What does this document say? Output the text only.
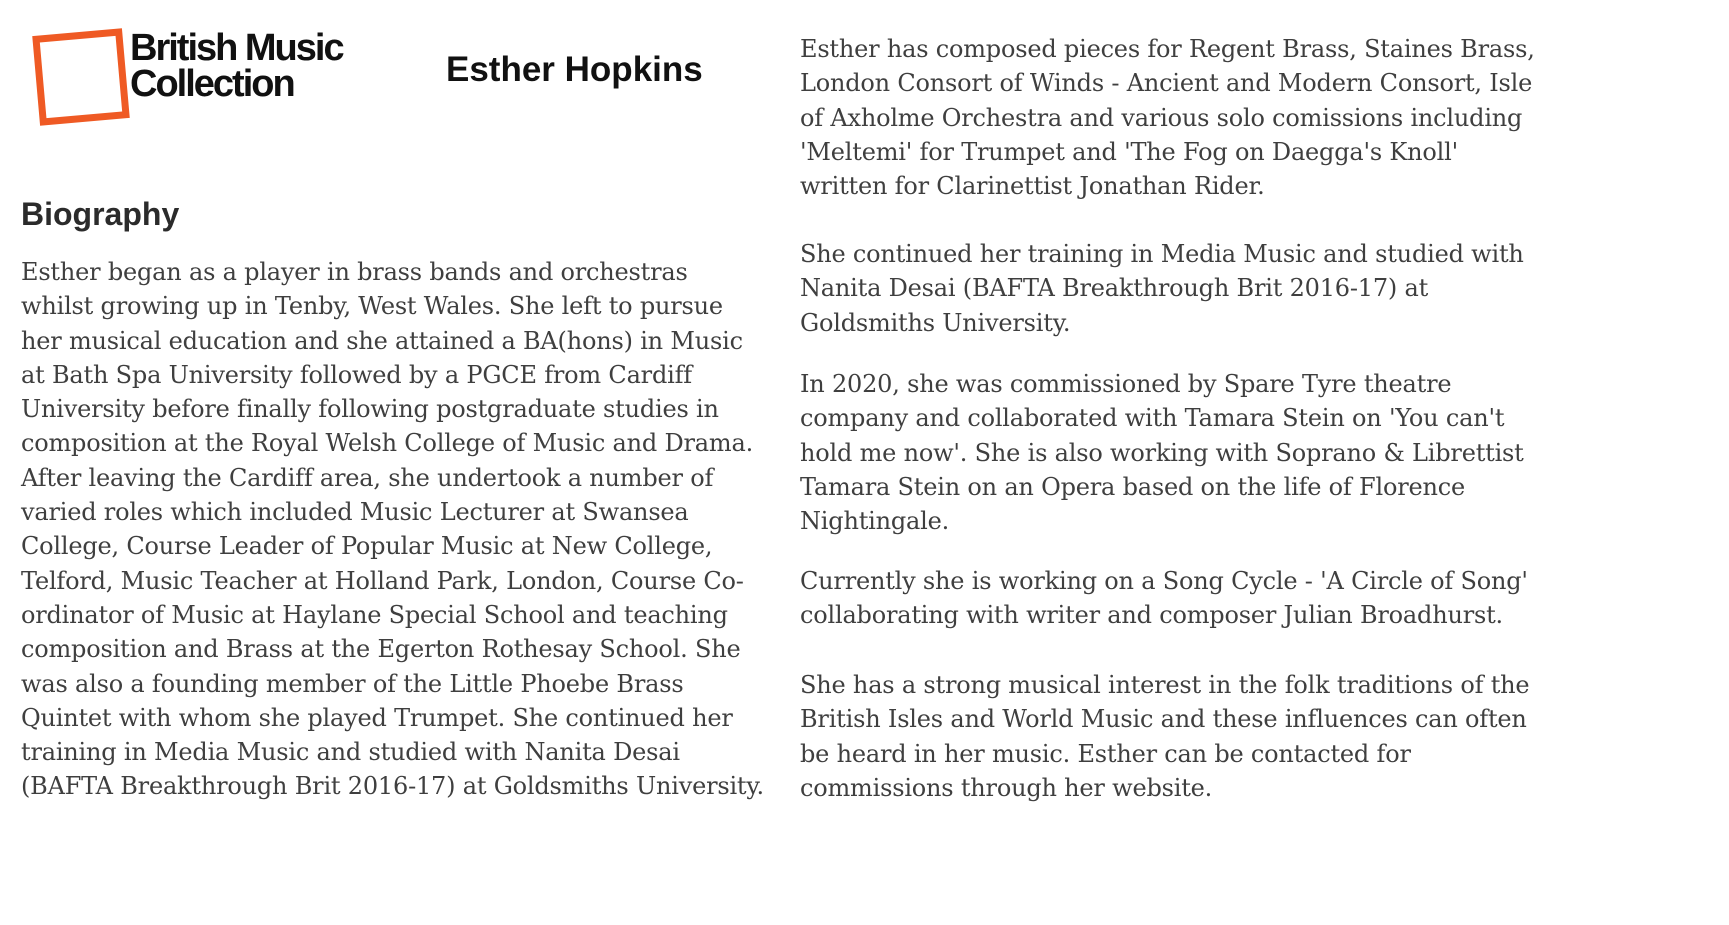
British Music
Collection	Esther Hopkins
Biography

Esther began as a player in brass bands and orchestras
whilst growing up in Tenby, West Wales. She left to pursue
her musical education and she attained a BA(hons) in Music
at Bath Spa University followed by a PGCE from Cardiff
University before finally following postgraduate studies in
composition at the Royal Welsh College of Music and Drama.
After leaving the Cardiff area, she undertook a number of
varied roles which included Music Lecturer at Swansea
College, Course Leader of Popular Music at New College,
Telford, Music Teacher at Holland Park, London, Course Co-
ordinator of Music at Haylane Special School and teaching
composition and Brass at the Egerton Rothesay School. She
was also a founding member of the Little Phoebe Brass
Quintet with whom she played Trumpet. She continued her
training in Media Music and studied with Nanita Desai
(BAFTA Breakthrough Brit 2016-17) at Goldsmiths University.

Esther has composed pieces for Regent Brass, Staines Brass,
London Consort of Winds - Ancient and Modern Consort, Isle
of Axholme Orchestra and various solo comissions including
'Meltemi' for Trumpet and 'The Fog on Daegga's Knoll'
written for Clarinettist Jonathan Rider.

She continued her training in Media Music and studied with
Nanita Desai (BAFTA Breakthrough Brit 2016-17) at
Goldsmiths University.

In 2020, she was commissioned by Spare Tyre theatre
company and collaborated with Tamara Stein on 'You can't
hold me now'. She is also working with Soprano & Librettist
Tamara Stein on an Opera based on the life of Florence
Nightingale.

Currently she is working on a Song Cycle - 'A Circle of Song'
collaborating with writer and composer Julian Broadhurst.

She has a strong musical interest in the folk traditions of the
British Isles and World Music and these influences can often
be heard in her music. Esther can be contacted for
commissions through her website.
